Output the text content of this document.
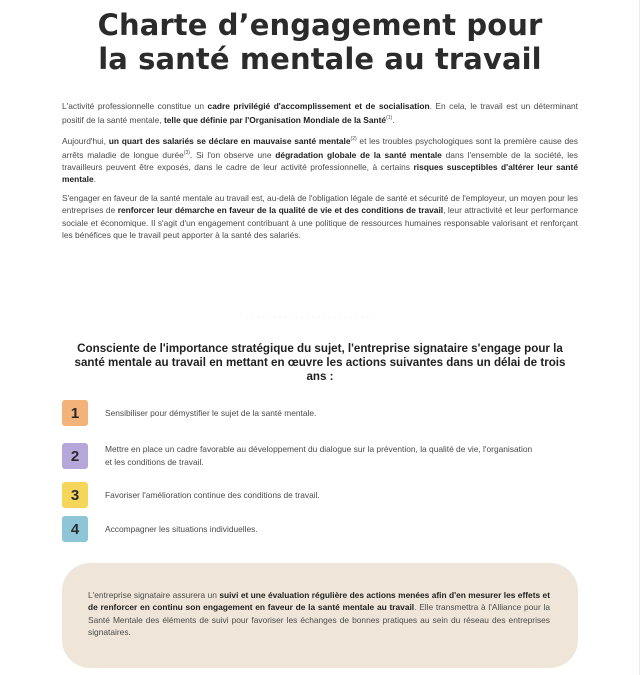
Charte d’engagement pour
la santé mentale au travail

L'activité professionnelle constitue un cadre privilégié d'accomplissement et de socialisation. En cela, le travail est un déterminant positif de la santé mentale, telle que définie par l'Organisation Mondiale de la Santé$^{(1)}$.

Aujourd'hui, un quart des salariés se déclare en mauvaise santé mentale$^{(2)}$ et les troubles psychologiques sont la première cause des arrêts maladie de longue durée$^{(3)}$. Si l'on observe une dégradation globale de la santé mentale dans l'ensemble de la société, les travailleurs peuvent être exposés, dans le cadre de leur activité professionnelle, à certains risques susceptibles d'altérer leur santé mentale.

S'engager en faveur de la santé mentale au travail est, au-delà de l'obligation légale de santé et sécurité de l'employeur, un moyen pour les entreprises de renforcer leur démarche en faveur de la qualité de vie et des conditions de travail, leur attractivité et leur performance sociale et économique. Il s'agit d'un engagement contribuant à une politique de ressources humaines responsable valorisant et renforçant les bénéfices que le travail peut apporter à la santé des salariés.

· · · · · · · · · · · · · · · · · · · · · · · ·
Consciente de l'importance stratégique du sujet, l'entreprise signataire s'engage pour la santé mentale au travail en mettant en œuvre les actions suivantes dans un délai de trois ans :
1	Sensibiliser pour démystifier le sujet de la santé mentale.
2	Mettre en place un cadre favorable au développement du dialogue sur la prévention, la qualité de vie, l'organisation et les conditions de travail.
3	Favoriser l'amélioration continue des conditions de travail.
4	Accompagner les situations individuelles.
L'entreprise signataire assurera un suivi et une évaluation régulière des actions menées afin d'en mesurer les effets et de renforcer en continu son engagement en faveur de la santé mentale au travail. Elle transmettra à l'Alliance pour la Santé Mentale des éléments de suivi pour favoriser les échanges de bonnes pratiques au sein du réseau des entreprises signataires.
